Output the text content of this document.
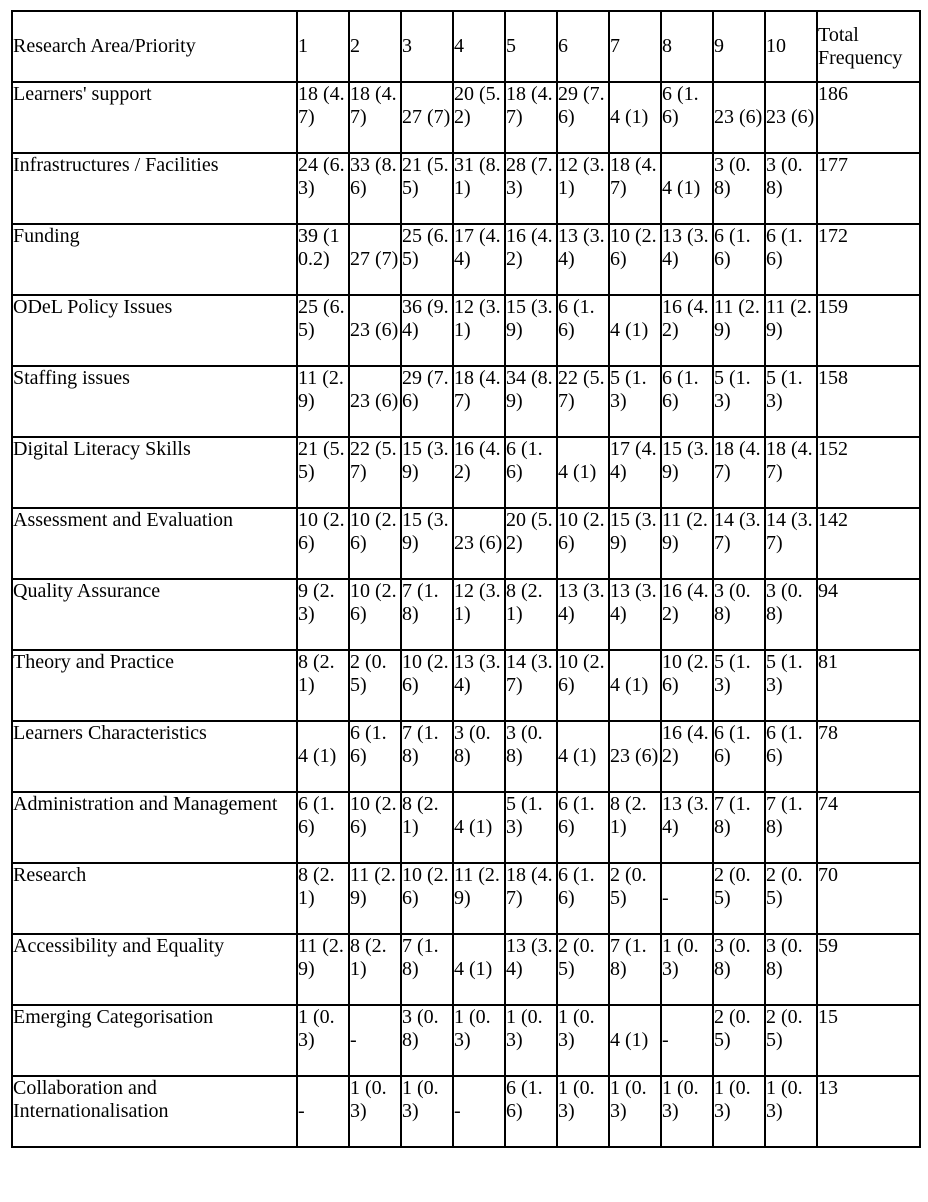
Research Area/Priority	1	2	3	4	5	6	7	8	9	10	Total Frequency
Learners' support	18 (4.7)	18 (4.7)	27 (7)	20 (5.2)	18 (4.7)	29 (7.6)	4 (1)	6 (1.6)	23 (6)	23 (6)	186
Infrastructures / Facilities	24 (6.3)	33 (8.6)	21 (5.5)	31 (8.1)	28 (7.3)	12 (3.1)	18 (4.7)	4 (1)	3 (0.8)	3 (0.8)	177
Funding	39 (10.2)	27 (7)	25 (6.5)	17 (4.4)	16 (4.2)	13 (3.4)	10 (2.6)	13 (3.4)	6 (1.6)	6 (1.6)	172
ODeL Policy Issues	25 (6.5)	23 (6)	36 (9.4)	12 (3.1)	15 (3.9)	6 (1.6)	4 (1)	16 (4.2)	11 (2.9)	11 (2.9)	159
Staffing issues	11 (2.9)	23 (6)	29 (7.6)	18 (4.7)	34 (8.9)	22 (5.7)	5 (1.3)	6 (1.6)	5 (1.3)	5 (1.3)	158
Digital Literacy Skills	21 (5.5)	22 (5.7)	15 (3.9)	16 (4.2)	6 (1.6)	4 (1)	17 (4.4)	15 (3.9)	18 (4.7)	18 (4.7)	152
Assessment and Evaluation	10 (2.6)	10 (2.6)	15 (3.9)	23 (6)	20 (5.2)	10 (2.6)	15 (3.9)	11 (2.9)	14 (3.7)	14 (3.7)	142
Quality Assurance	9 (2.3)	10 (2.6)	7 (1.8)	12 (3.1)	8 (2.1)	13 (3.4)	13 (3.4)	16 (4.2)	3 (0.8)	3 (0.8)	94
Theory and Practice	8 (2.1)	2 (0.5)	10 (2.6)	13 (3.4)	14 (3.7)	10 (2.6)	4 (1)	10 (2.6)	5 (1.3)	5 (1.3)	81
Learners Characteristics	4 (1)	6 (1.6)	7 (1.8)	3 (0.8)	3 (0.8)	4 (1)	23 (6)	16 (4.2)	6 (1.6)	6 (1.6)	78
Administration and Management	6 (1.6)	10 (2.6)	8 (2.1)	4 (1)	5 (1.3)	6 (1.6)	8 (2.1)	13 (3.4)	7 (1.8)	7 (1.8)	74
Research	8 (2.1)	11 (2.9)	10 (2.6)	11 (2.9)	18 (4.7)	6 (1.6)	2 (0.5)	-	2 (0.5)	2 (0.5)	70
Accessibility and Equality	11 (2.9)	8 (2.1)	7 (1.8)	4 (1)	13 (3.4)	2 (0.5)	7 (1.8)	1 (0.3)	3 (0.8)	3 (0.8)	59
Emerging Categorisation	1 (0.3)	-	3 (0.8)	1 (0.3)	1 (0.3)	1 (0.3)	4 (1)	-	2 (0.5)	2 (0.5)	15
Collaboration and Internationalisation	-	1 (0.3)	1 (0.3)	-	6 (1.6)	1 (0.3)	1 (0.3)	1 (0.3)	1 (0.3)	1 (0.3)	13
